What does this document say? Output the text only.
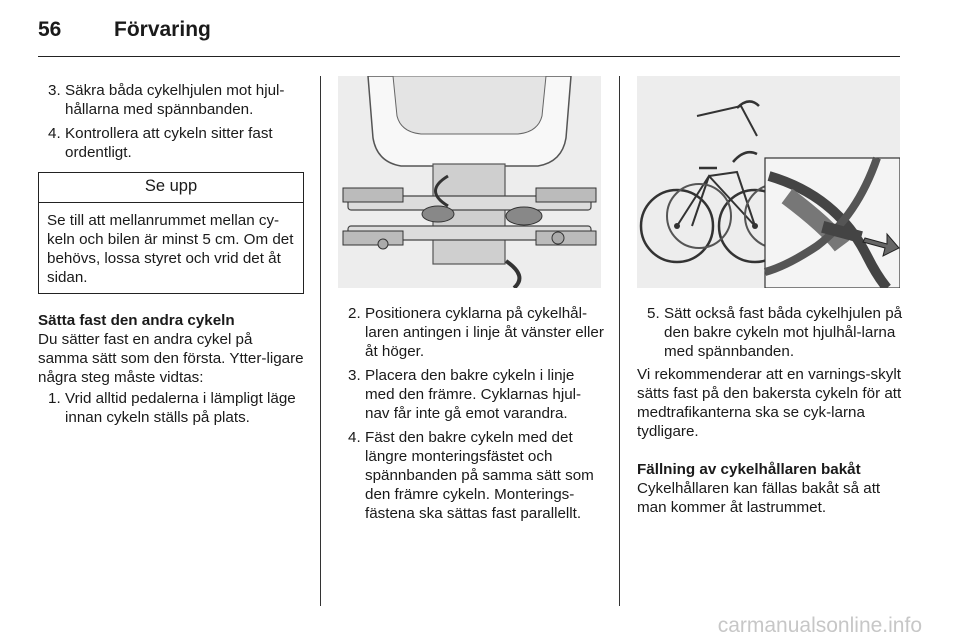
56	Förvaring
3. Säkra båda cykelhjulen mot hjul-hållarna med spännbanden.
4. Kontrollera att cykeln sitter fast ordentligt.
Se upp
Se till att mellanrummet mellan cy-keln och bilen är minst 5 cm. Om det behövs, lossa styret och vrid det åt sidan.

Sätta fast den andra cykeln

Du sätter fast en andra cykel på samma sätt som den första. Ytter-ligare några steg måste vidtas:

1. Vrid alltid pedalerna i lämpligt läge innan cykeln ställs på plats.
2. Positionera cyklarna på cykelhål-laren antingen i linje åt vänster eller åt höger.
3. Placera den bakre cykeln i linje med den främre. Cyklarnas hjul-nav får inte gå emot varandra.
4. Fäst den bakre cykeln med det längre monteringsfästet och spännbanden på samma sätt som den främre cykeln. Monterings-fästena ska sättas fast parallellt.
5. Sätt också fast båda cykelhjulen på den bakre cykeln mot hjulhål-larna med spännbanden.

Vi rekommenderar att en varnings-skylt sätts fast på den bakersta cykeln för att medtrafikanterna ska se cyk-larna tydligare.

Fällning av cykelhållaren bakåt

Cykelhållaren kan fällas bakåt så att man kommer åt lastrummet.

carmanualsonline.info
